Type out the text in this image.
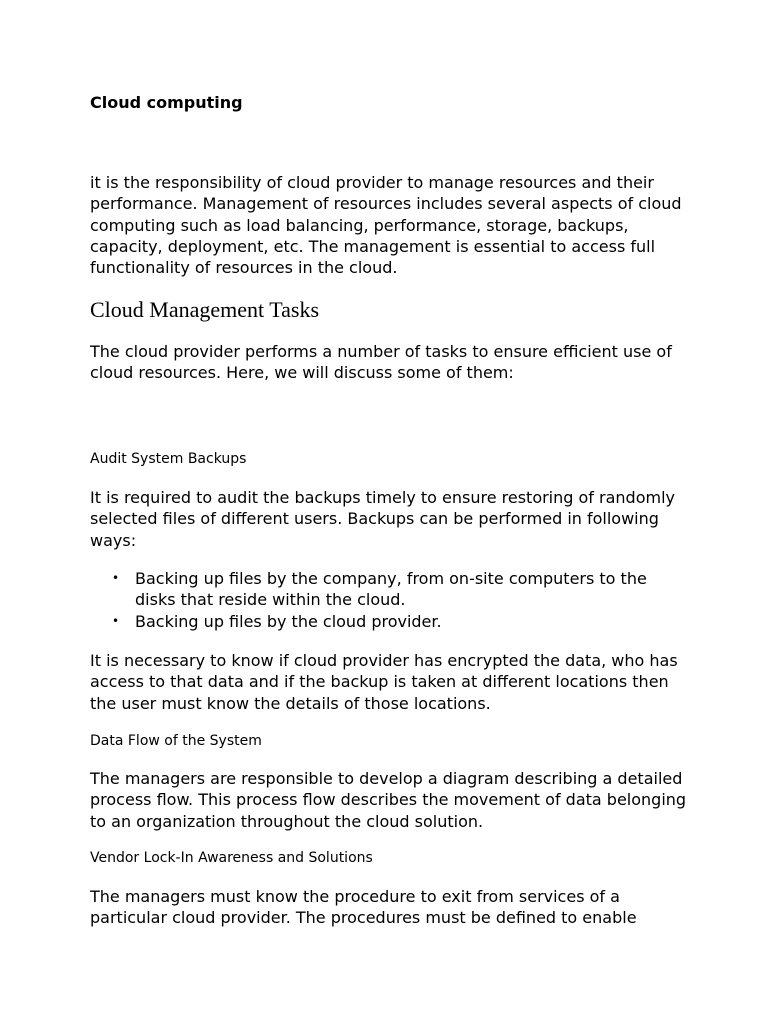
Cloud computing

it is the responsibility of cloud provider to manage resources and their performance. Management of resources includes several aspects of cloud computing such as load balancing, performance, storage, backups, capacity, deployment, etc. The management is essential to access full functionality of resources in the cloud.

Cloud Management Tasks

The cloud provider performs a number of tasks to ensure efficient use of cloud resources. Here, we will discuss some of them:

Audit System Backups

It is required to audit the backups timely to ensure restoring of randomly selected files of different users. Backups can be performed in following ways:

• Backing up files by the company, from on-site computers to the disks that reside within the cloud.
• Backing up files by the cloud provider.

It is necessary to know if cloud provider has encrypted the data, who has access to that data and if the backup is taken at different locations then the user must know the details of those locations.

Data Flow of the System

The managers are responsible to develop a diagram describing a detailed process flow. This process flow describes the movement of data belonging to an organization throughout the cloud solution.

Vendor Lock-In Awareness and Solutions

The managers must know the procedure to exit from services of a particular cloud provider. The procedures must be defined to enable
